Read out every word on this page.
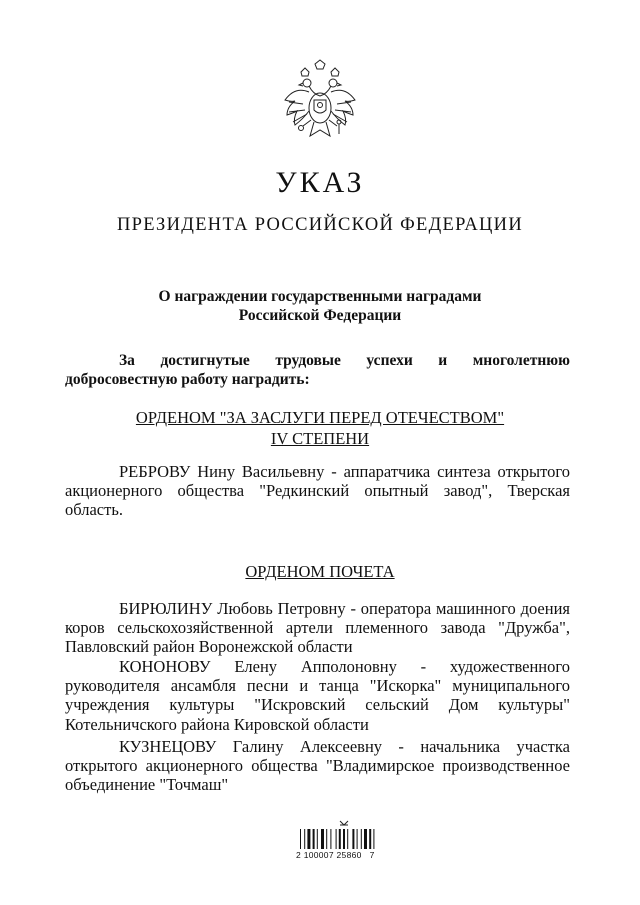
УКАЗ
ПРЕЗИДЕНТА РОССИЙСКОЙ ФЕДЕРАЦИИ
О награждении государственными наградами
Российской Федерации
За достигнутые трудовые успехи и многолетнюю
добросовестную работу наградить:
ОРДЕНОМ "ЗА ЗАСЛУГИ ПЕРЕД ОТЕЧЕСТВОМ"
IV СТЕПЕНИ
РЕБРОВУ Нину Васильевну - аппаратчика синтеза открытого
акционерного общества "Редкинский опытный завод", Тверская
область.
ОРДЕНОМ ПОЧЕТА
БИРЮЛИНУ Любовь Петровну - оператора машинного доения
коров сельскохозяйственной артели племенного завода "Дружба",
Павловский район Воронежской области
КОНОНОВУ Елену Апполоновну - художественного
руководителя ансамбля песни и танца "Искорка" муниципального
учреждения культуры "Искровский сельский Дом культуры"
Котельничского района Кировской области
КУЗНЕЦОВУ Галину Алексеевну - начальника участка
открытого акционерного общества "Владимирское производственное
объединение "Точмаш"
2 100007 25860   7
